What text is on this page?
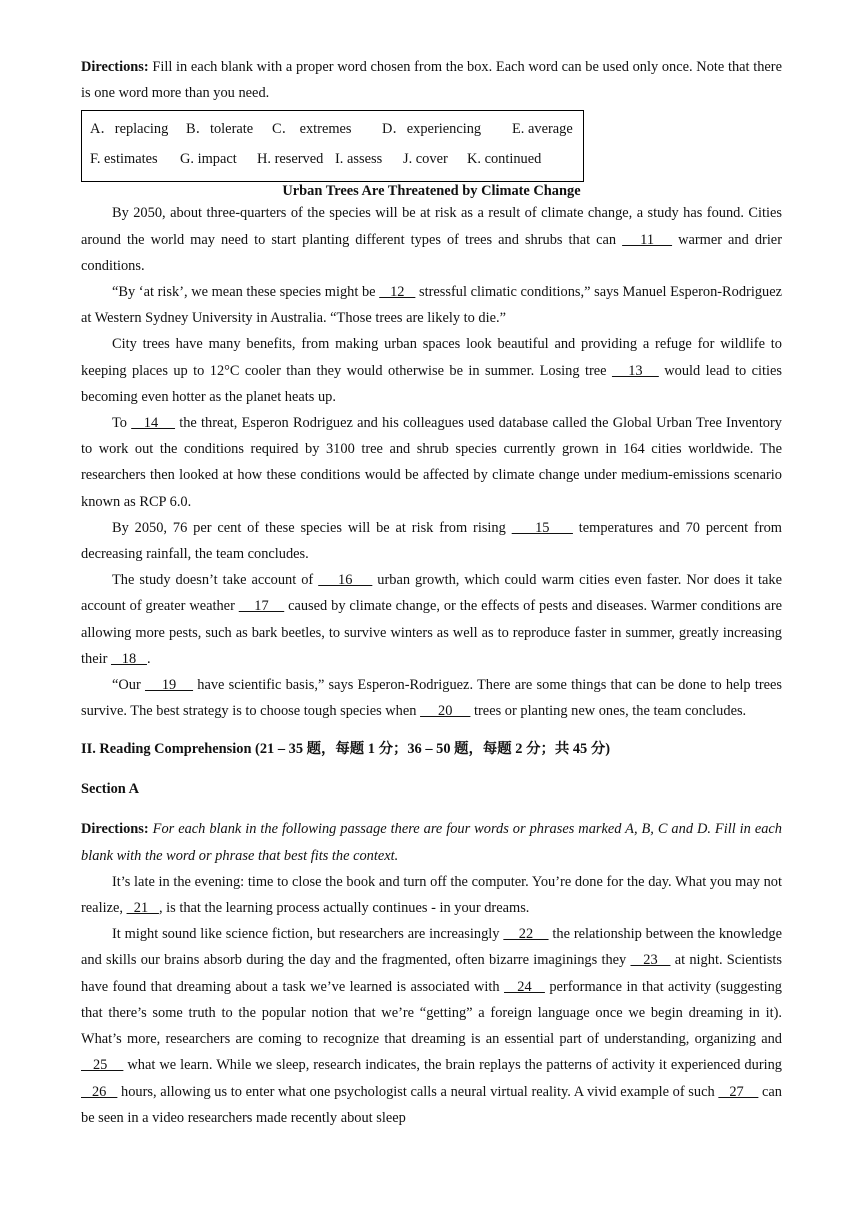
Directions: Fill in each blank with a proper word chosen from the box. Each word can be used only once. Note that there is one word more than you need.

A．replacing	B．tolerate	C． extremes	D．experiencing	E. average
F. estimates	G. impact	H. reserved I. assess	J. cover	K. continued

Urban Trees Are Threatened by Climate Change

By 2050, about three-quarters of the species will be at risk as a result of climate change, a study has found. Cities around the world may need to start planting different types of trees and shrubs that can    11    warmer and drier conditions.

“By ‘at risk’, we mean these species might be    12    stressful climatic conditions,” says Manuel Esperon-Rodriguez at Western Sydney University in Australia. “Those trees are likely to die.”

City trees have many benefits, from making urban spaces look beautiful and providing a refuge for wildlife to keeping places up to 12°C cooler than they would otherwise be in summer. Losing tree    13    would lead to cities becoming even hotter as the planet heats up.

To    14     the threat, Esperon Rodriguez and his colleagues used database called the Global Urban Tree Inventory to work out the conditions required by 3100 tree and shrub species currently grown in 164 cities worldwide. The researchers then looked at how these conditions would be affected by climate change under medium-emissions scenario known as RCP 6.0.

By 2050, 76 per cent of these species will be at risk from rising     15     temperatures and 70 percent from decreasing rainfall, the team concludes.

The study doesn’t take account of     16     urban growth, which could warm cities even faster. Nor does it take account of greater weather     17     caused by climate change, or the effects of pests and diseases. Warmer conditions are allowing more pests, such as bark beetles, to survive winters as well as to reproduce faster in summer, greatly increasing their    18   .

“Our     19     have scientific basis,” says Esperon-Rodriguez. There are some things that can be done to help trees survive. The best strategy is to choose tough species when      20      trees or planting new ones, the team concludes.

II. Reading Comprehension (21 – 35 题，每题 1 分；36 – 50 题，每题 2 分；共 45 分)

Section A

Directions: For each blank in the following passage there are four words or phrases marked A, B, C and D. Fill in each blank with the word or phrase that best fits the context.

It’s late in the evening: time to close the book and turn off the computer. You’re done for the day. What you may not realize,   21   , is that the learning process actually continues - in your dreams.

It might sound like science fiction, but researchers are increasingly     22     the relationship between the knowledge and skills our brains absorb during the day and the fragmented, often bizarre imaginings they    23    at night. Scientists have found that dreaming about a task we’ve learned is associated with    24    performance in that activity (suggesting that there’s some truth to the popular notion that we’re “getting” a foreign language once we begin dreaming in it). What’s more, researchers are coming to recognize that dreaming is an essential part of understanding, organizing and    25     what we learn. While we sleep, research indicates, the brain replays the patterns of activity it experienced during    26    hours, allowing us to enter what one psychologist calls a neural virtual reality. A vivid example of such    27     can be seen in a video researchers made recently about sleep
